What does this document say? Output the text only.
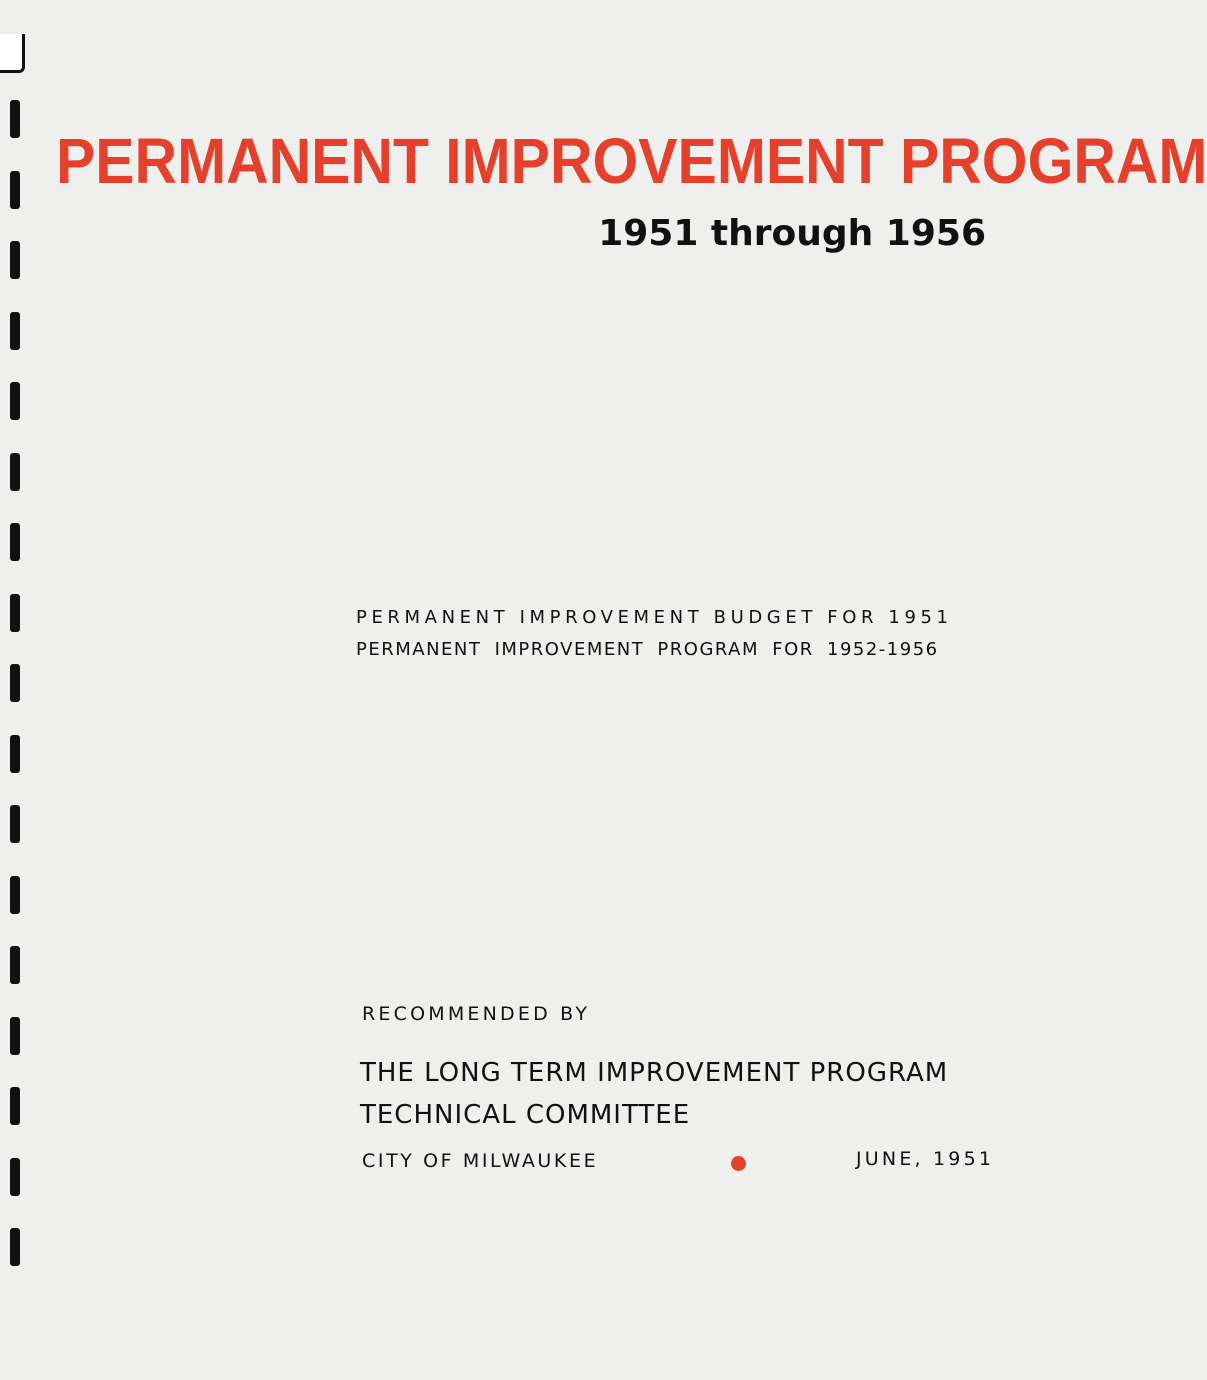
PERMANENT IMPROVEMENT PROGRAM
1951 through 1956
PERMANENT IMPROVEMENT BUDGET FOR 1951
PERMANENT IMPROVEMENT PROGRAM FOR 1952-1956
RECOMMENDED BY
THE LONG TERM IMPROVEMENT PROGRAM
TECHNICAL COMMITTEE
CITY OF MILWAUKEE	JUNE, 1951
